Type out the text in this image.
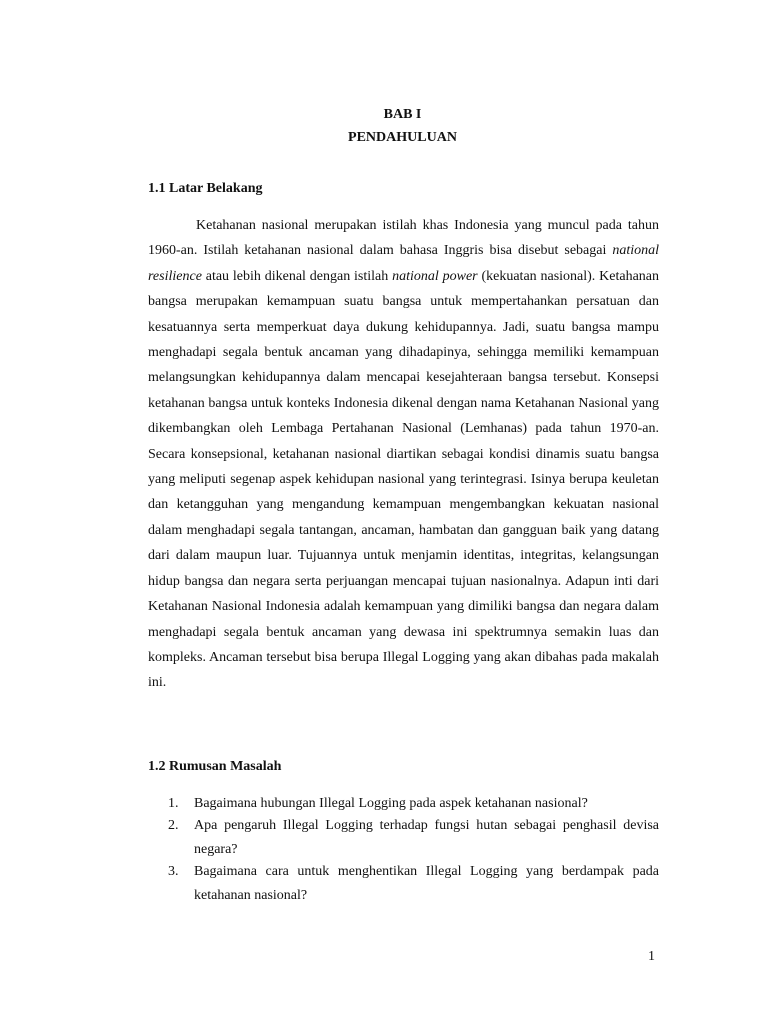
BAB I
PENDAHULUAN
1.1 Latar Belakang

Ketahanan nasional merupakan istilah khas Indonesia yang muncul pada tahun 1960-an. Istilah ketahanan nasional dalam bahasa Inggris bisa disebut sebagai national resilience atau lebih dikenal dengan istilah national power (kekuatan nasional). Ketahanan bangsa merupakan kemampuan suatu bangsa untuk mempertahankan persatuan dan kesatuannya serta memperkuat daya dukung kehidupannya. Jadi, suatu bangsa mampu menghadapi segala bentuk ancaman yang dihadapinya, sehingga memiliki kemampuan melangsungkan kehidupannya dalam mencapai kesejahteraan bangsa tersebut. Konsepsi ketahanan bangsa untuk konteks Indonesia dikenal dengan nama Ketahanan Nasional yang dikembangkan oleh Lembaga Pertahanan Nasional (Lemhanas) pada tahun 1970-an. Secara konsepsional, ketahanan nasional diartikan sebagai kondisi dinamis suatu bangsa yang meliputi segenap aspek kehidupan nasional yang terintegrasi. Isinya berupa keuletan dan ketangguhan yang mengandung kemampuan mengembangkan kekuatan nasional dalam menghadapi segala tantangan, ancaman, hambatan dan gangguan baik yang datang dari dalam maupun luar. Tujuannya untuk menjamin identitas, integritas, kelangsungan hidup bangsa dan negara serta perjuangan mencapai tujuan nasionalnya. Adapun inti dari Ketahanan Nasional Indonesia adalah kemampuan yang dimiliki bangsa dan negara dalam menghadapi segala bentuk ancaman yang dewasa ini spektrumnya semakin luas dan kompleks. Ancaman tersebut bisa berupa Illegal Logging yang akan dibahas pada makalah ini.

1.2 Rumusan Masalah
1. Bagaimana hubungan Illegal Logging pada aspek ketahanan nasional?
2. Apa pengaruh Illegal Logging terhadap fungsi hutan sebagai penghasil devisa negara?
3. Bagaimana cara untuk menghentikan Illegal Logging yang berdampak pada ketahanan nasional?
1
